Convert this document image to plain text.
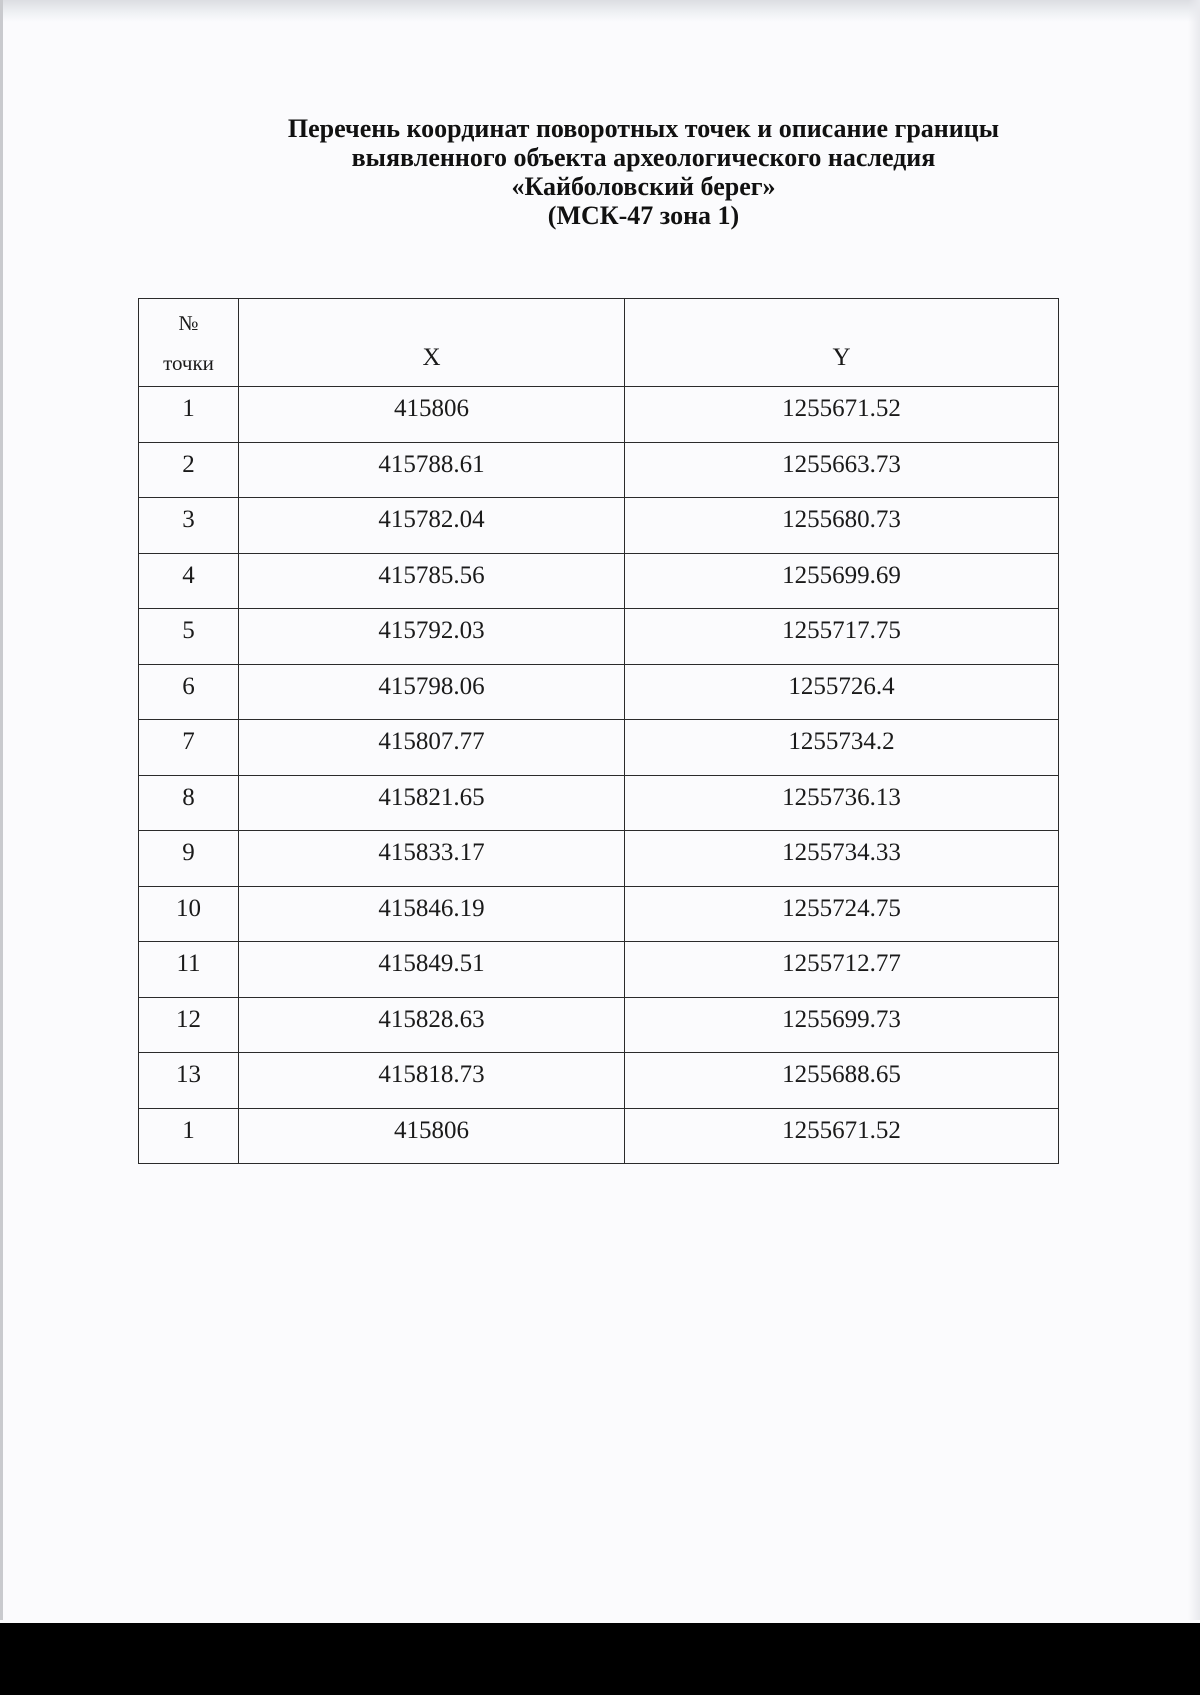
Перечень координат поворотных точек и описание границы
выявленного объекта археологического наследия
«Кайболовский берег»
(МСК-47 зона 1)
№
точки	X	Y
1	415806	1255671.52
2	415788.61	1255663.73
3	415782.04	1255680.73
4	415785.56	1255699.69
5	415792.03	1255717.75
6	415798.06	1255726.4
7	415807.77	1255734.2
8	415821.65	1255736.13
9	415833.17	1255734.33
10	415846.19	1255724.75
11	415849.51	1255712.77
12	415828.63	1255699.73
13	415818.73	1255688.65
1	415806	1255671.52
